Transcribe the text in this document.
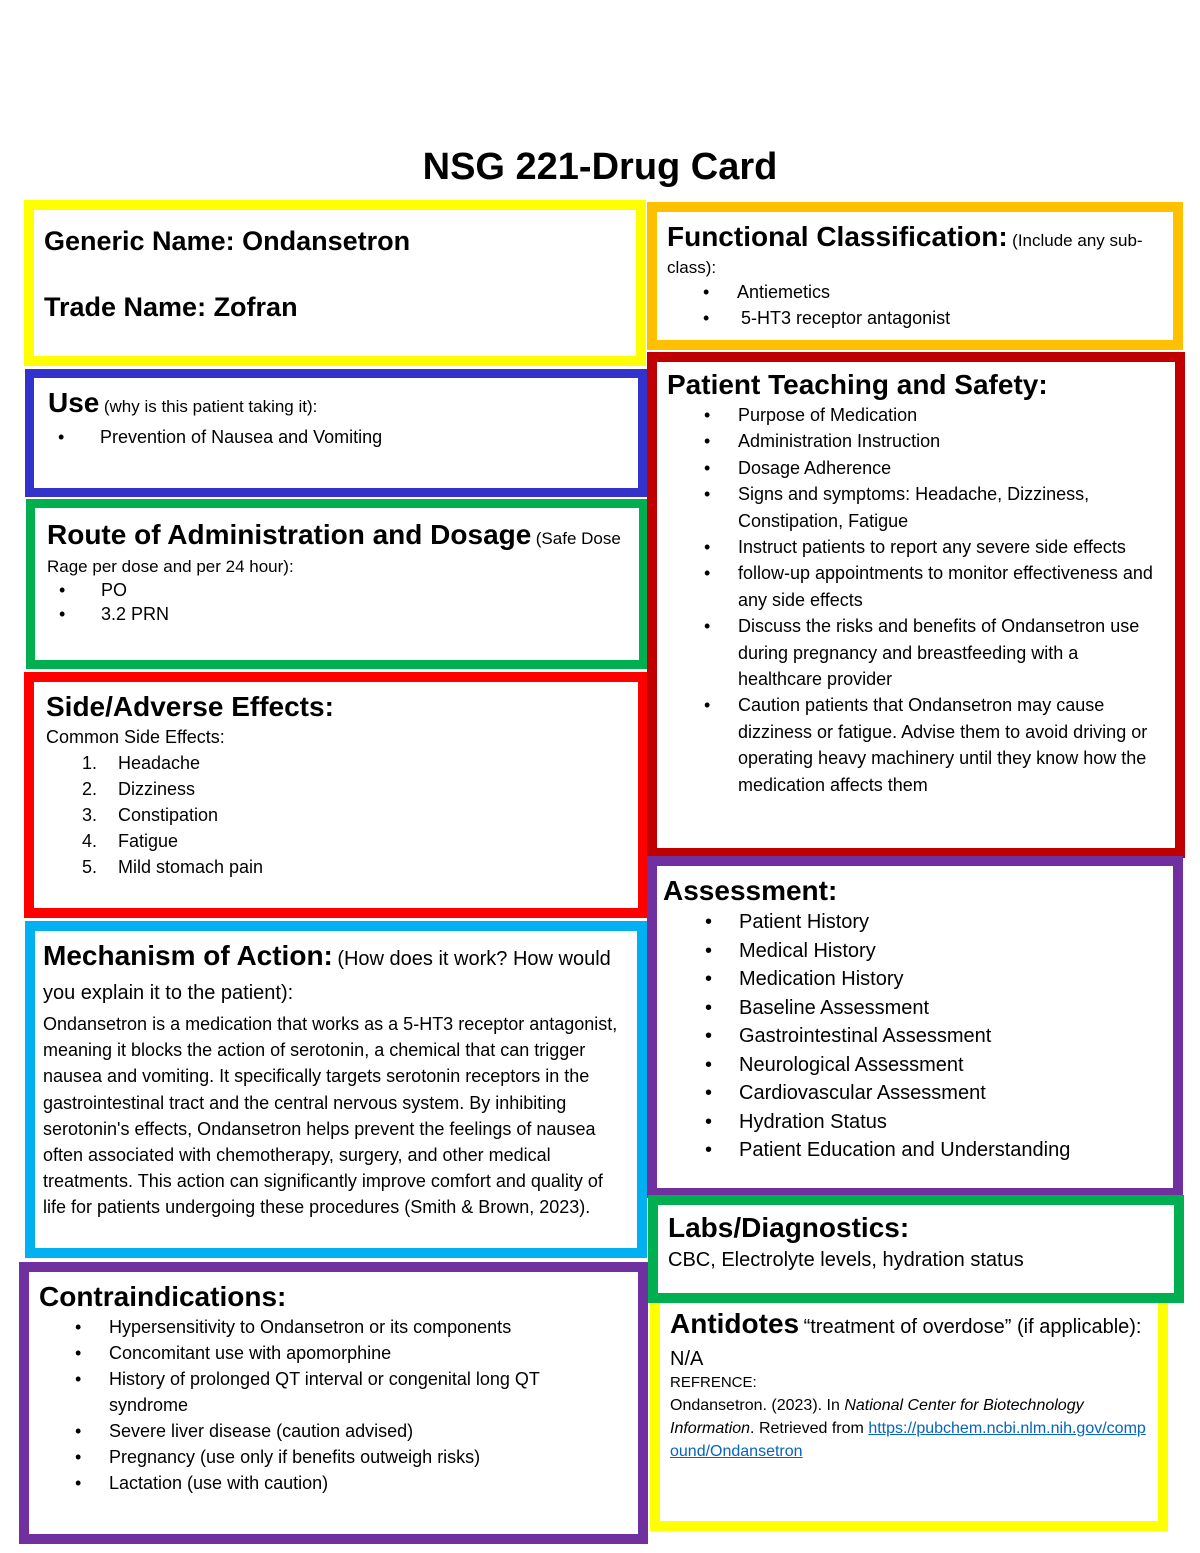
NSG 221-Drug Card
Generic Name: Ondansetron
Trade Name: Zofran
Use (why is this patient taking it):
• Prevention of Nausea and Vomiting
Route of Administration and Dosage (Safe Dose
Rage per dose and per 24 hour):
• PO
• 3.2 PRN
Side/Adverse Effects:
Common Side Effects:
1. Headache
2. Dizziness
3. Constipation
4. Fatigue
5. Mild stomach pain
Mechanism of Action: (How does it work? How would you explain it to the patient):
Ondansetron is a medication that works as a 5-HT3 receptor antagonist, meaning it blocks the action of serotonin, a chemical that can trigger nausea and vomiting. It specifically targets serotonin receptors in the gastrointestinal tract and the central nervous system. By inhibiting serotonin's effects, Ondansetron helps prevent the feelings of nausea often associated with chemotherapy, surgery, and other medical treatments. This action can significantly improve comfort and quality of life for patients undergoing these procedures (Smith & Brown, 2023).
Contraindications:
• Hypersensitivity to Ondansetron or its components
• Concomitant use with apomorphine
• History of prolonged QT interval or congenital long QT syndrome
• Severe liver disease (caution advised)
• Pregnancy (use only if benefits outweigh risks)
• Lactation (use with caution)
Functional Classification: (Include any sub-
class):
• Antiemetics
• 5-HT3 receptor antagonist
Patient Teaching and Safety:
• Purpose of Medication
• Administration Instruction
• Dosage Adherence
• Signs and symptoms: Headache, Dizziness, Constipation, Fatigue
• Instruct patients to report any severe side effects
• follow-up appointments to monitor effectiveness and any side effects
• Discuss the risks and benefits of Ondansetron use during pregnancy and breastfeeding with a healthcare provider
• Caution patients that Ondansetron may cause dizziness or fatigue. Advise them to avoid driving or operating heavy machinery until they know how the medication affects them
Assessment:
• Patient History
• Medical History
• Medication History
• Baseline Assessment
• Gastrointestinal Assessment
• Neurological Assessment
• Cardiovascular Assessment
• Hydration Status
• Patient Education and Understanding
Labs/Diagnostics:
CBC, Electrolyte levels, hydration status
Antidotes “treatment of overdose” (if applicable):
N/A
REFRENCE:
Ondansetron. (2023). In National Center for Biotechnology Information. Retrieved from https://pubchem.ncbi.nlm.nih.gov/compound/Ondansetron
